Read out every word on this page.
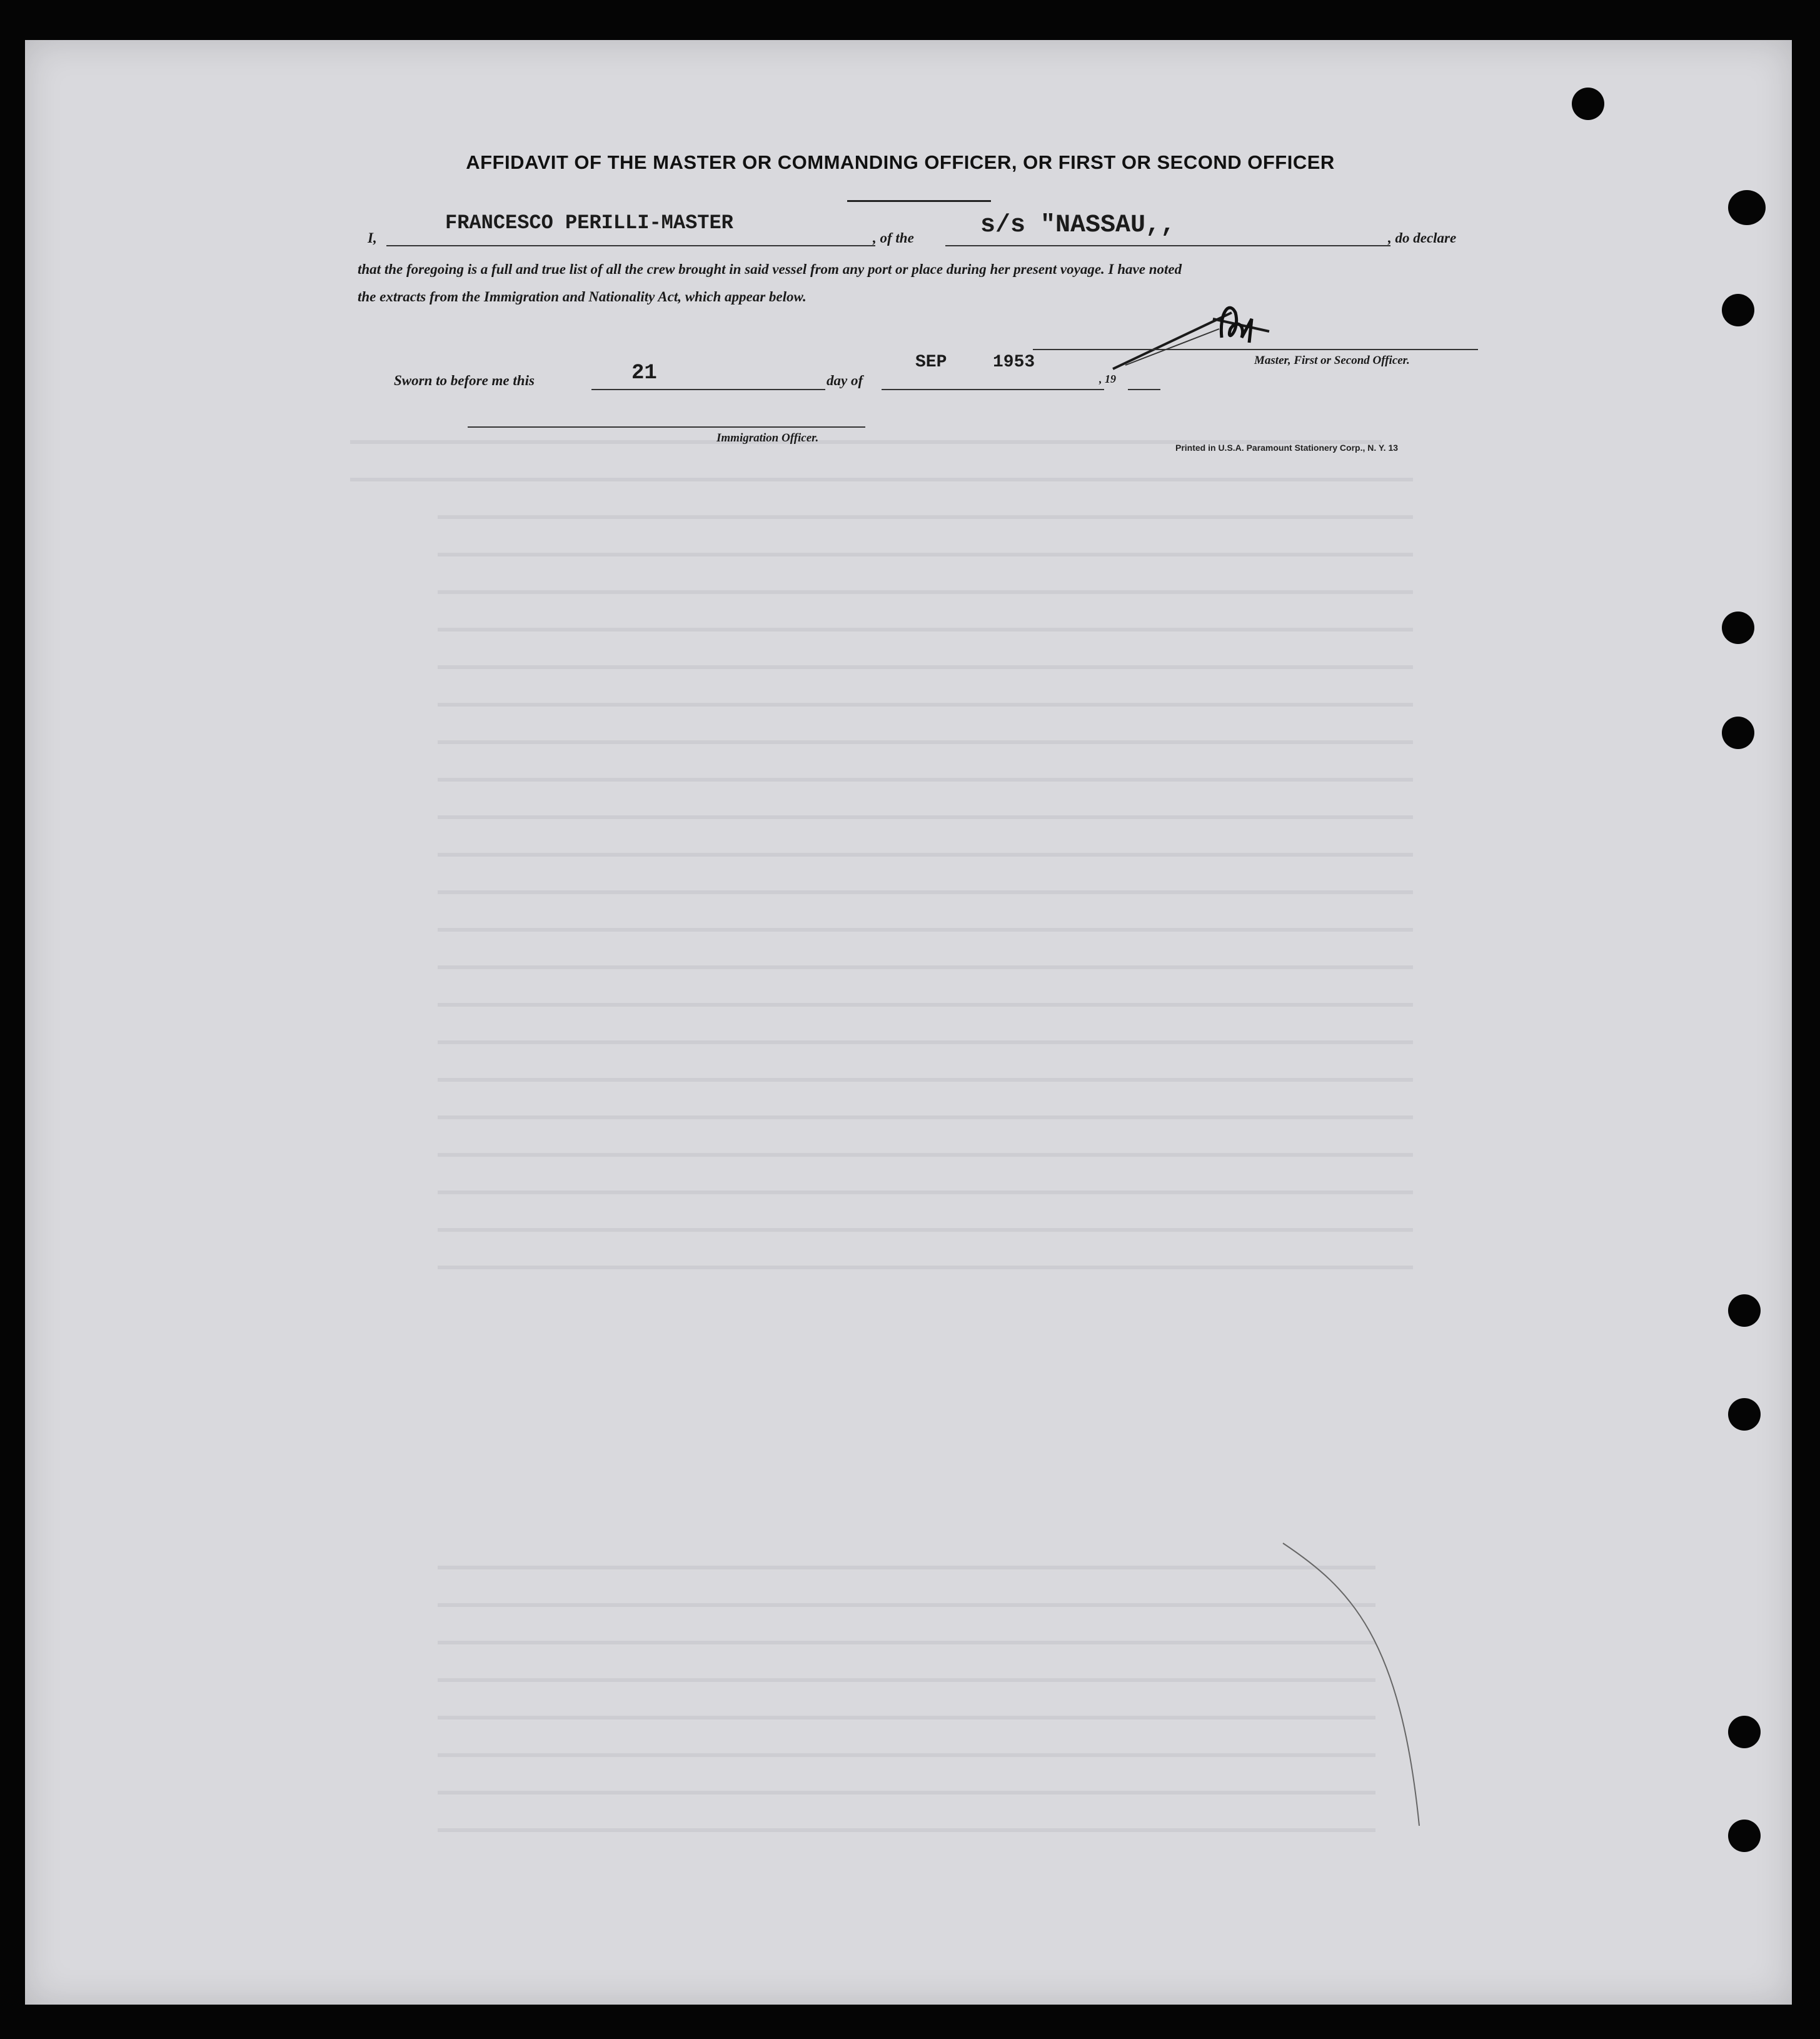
AFFIDAVIT OF THE MASTER OR COMMANDING OFFICER, OR FIRST OR SECOND OFFICER
I,
FRANCESCO PERILLI-MASTER
, of the	s/s "NASSAU,,	, do declare
that the foregoing is a full and true list of all the crew brought in said vessel from any port or place during her present voyage. I have noted
the extracts from the Immigration and Nationality Act, which appear below.
Master, First or Second Officer.
Sworn to before me this	21	day of
SEP	1953
, 19
Immigration Officer.
Printed in U.S.A. Paramount Stationery Corp., N. Y. 13
